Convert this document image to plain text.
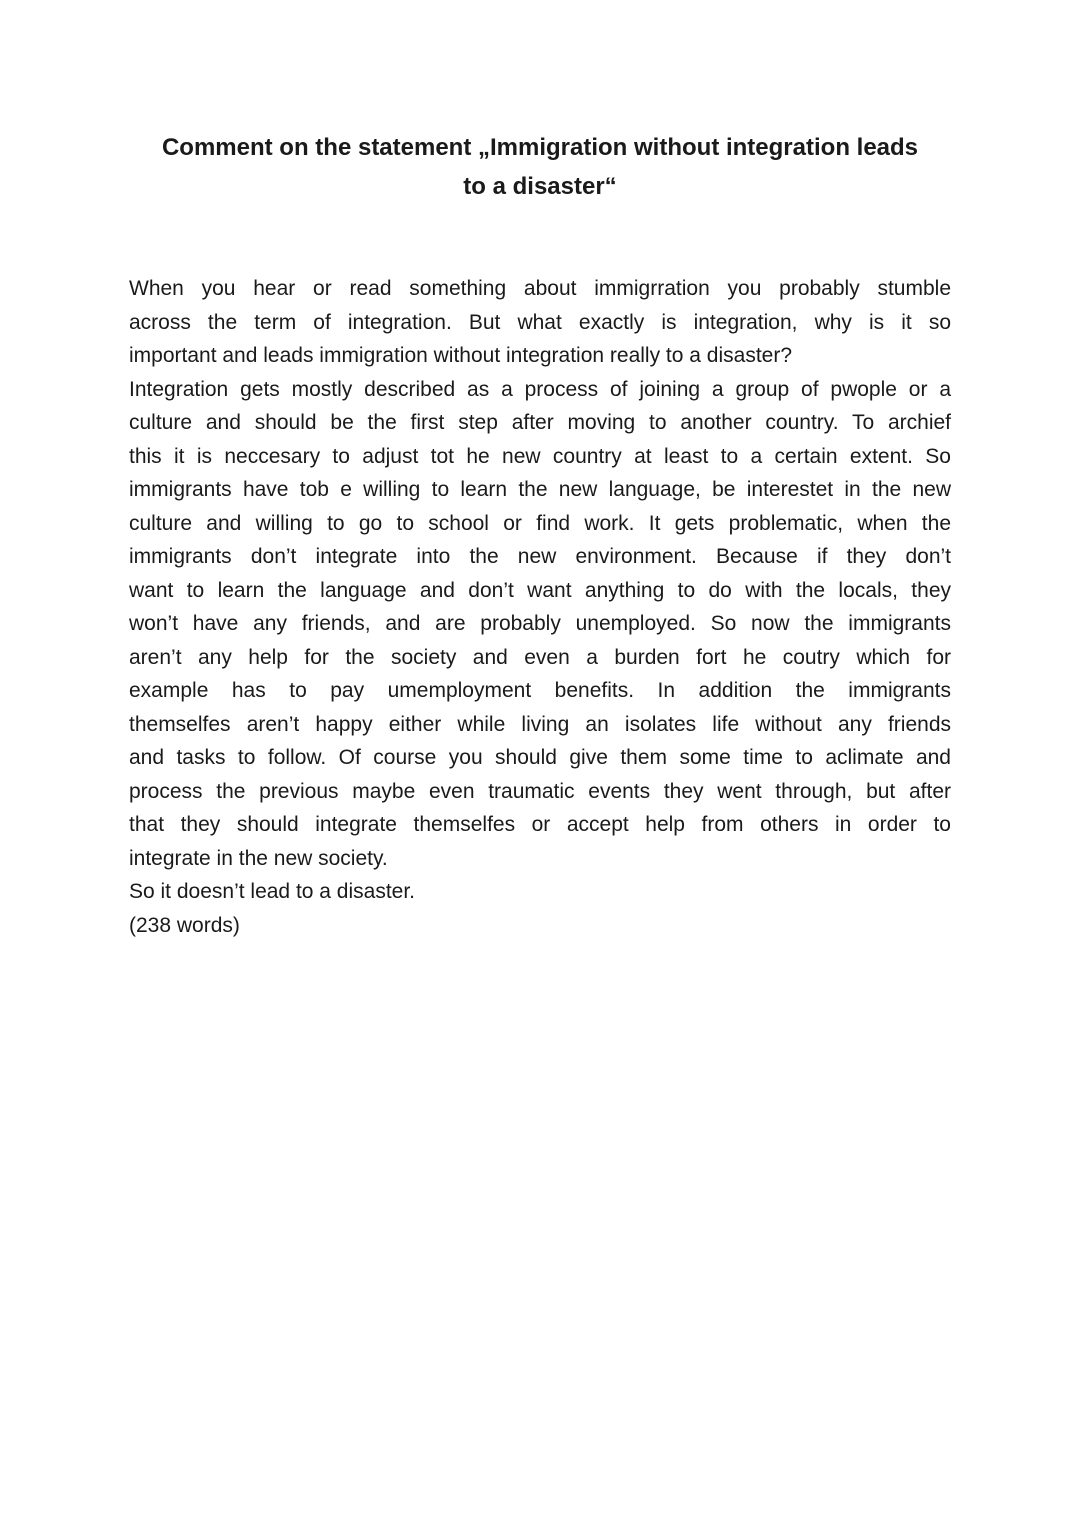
Comment on the statement „Immigration without integration leads
to a disaster“
When you hear or read something about immigrration you probably stumble
across the term of integration. But what exactly is integration, why is it so
important and leads immigration without integration really to a disaster?
Integration gets mostly described as a process of joining a group of pwople or a
culture and should be the first step after moving to another country. To archief
this it is neccesary to adjust tot he new country at least to a certain extent. So
immigrants have tob e willing to learn the new language, be interestet in the new
culture and willing to go to school or find work. It gets problematic, when the
immigrants don’t integrate into the new environment. Because if they don’t
want to learn the language and don’t want anything to do with the locals, they
won’t have any friends, and are probably unemployed. So now the immigrants
aren’t any help for the society and even a burden fort he coutry which for
example has to pay umemployment benefits. In addition the immigrants
themselfes aren’t happy either while living an isolates life without any friends
and tasks to follow. Of course you should give them some time to aclimate and
process the previous maybe even traumatic events they went through, but after
that they should integrate themselfes or accept help from others in order to
integrate in the new society.
So it doesn’t lead to a disaster.
(238 words)
